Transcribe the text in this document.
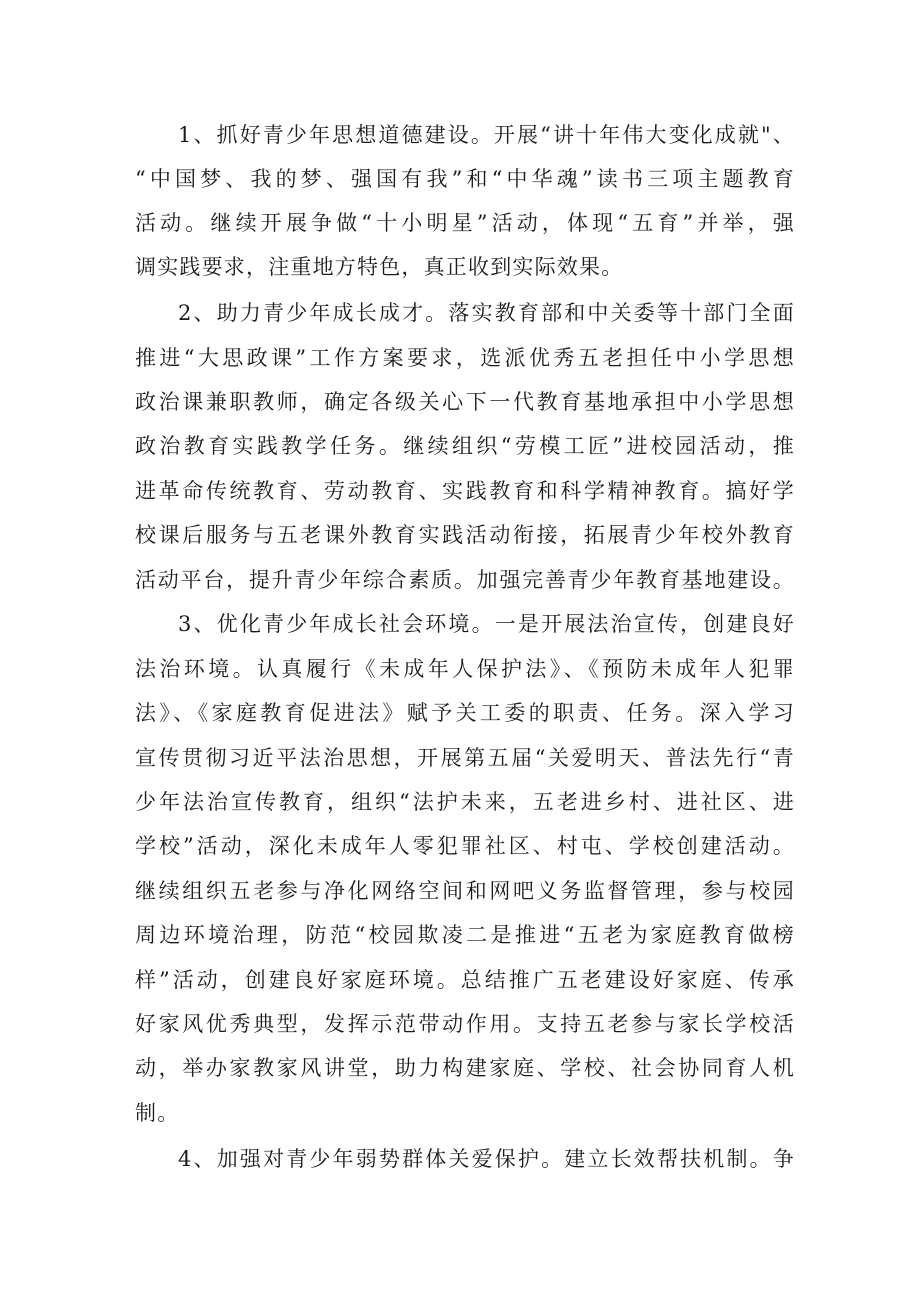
1、抓好青少年思想道德建设。开展“讲十年伟大变化成就"、
“中国梦、我的梦、强国有我”和“中华魂”读书三项主题教育
活动。继续开展争做“十小明星”活动，体现“五育”并举，强
调实践要求，注重地方特色，真正收到实际效果。
2、助力青少年成长成才。落实教育部和中关委等十部门全面
推进“大思政课”工作方案要求，选派优秀五老担任中小学思想
政治课兼职教师，确定各级关心下一代教育基地承担中小学思想
政治教育实践教学任务。继续组织“劳模工匠”进校园活动，推
进革命传统教育、劳动教育、实践教育和科学精神教育。搞好学
校课后服务与五老课外教育实践活动衔接，拓展青少年校外教育
活动平台，提升青少年综合素质。加强完善青少年教育基地建设。
3、优化青少年成长社会环境。一是开展法治宣传，创建良好
法治环境。认真履行《未成年人保护法》、《预防未成年人犯罪
法》、《家庭教育促进法》赋予关工委的职责、任务。深入学习
宣传贯彻习近平法治思想，开展第五届“关爱明天、普法先行“青
少年法治宣传教育，组织“法护未来，五老进乡村、进社区、进
学校”活动，深化未成年人零犯罪社区、村屯、学校创建活动。
继续组织五老参与净化网络空间和网吧义务监督管理，参与校园
周边环境治理，防范“校园欺凌二是推进“五老为家庭教育做榜
样”活动，创建良好家庭环境。总结推广五老建设好家庭、传承
好家风优秀典型，发挥示范带动作用。支持五老参与家长学校活
动，举办家教家风讲堂，助力构建家庭、学校、社会协同育人机
制。
4、加强对青少年弱势群体关爱保护。建立长效帮扶机制。争
